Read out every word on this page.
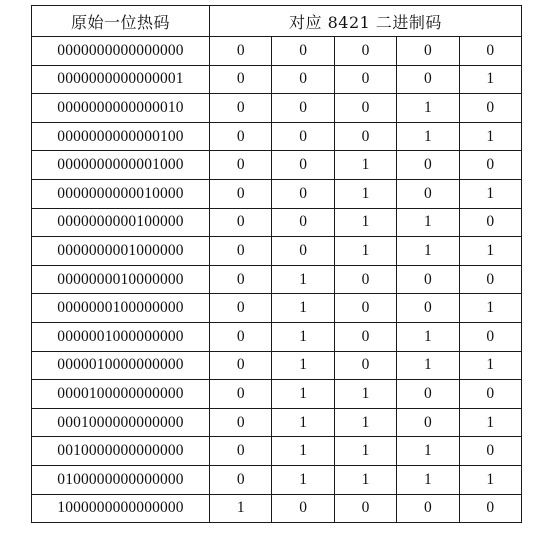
原始一位热码	对应 8421 二进制码				
0000000000000000	0	0	0	0	0
0000000000000001	0	0	0	0	1
0000000000000010	0	0	0	1	0
0000000000000100	0	0	0	1	1
0000000000001000	0	0	1	0	0
0000000000010000	0	0	1	0	1
0000000000100000	0	0	1	1	0
0000000001000000	0	0	1	1	1
0000000010000000	0	1	0	0	0
0000000100000000	0	1	0	0	1
0000001000000000	0	1	0	1	0
0000010000000000	0	1	0	1	1
0000100000000000	0	1	1	0	0
0001000000000000	0	1	1	0	1
0010000000000000	0	1	1	1	0
0100000000000000	0	1	1	1	1
1000000000000000	1	0	0	0	0
